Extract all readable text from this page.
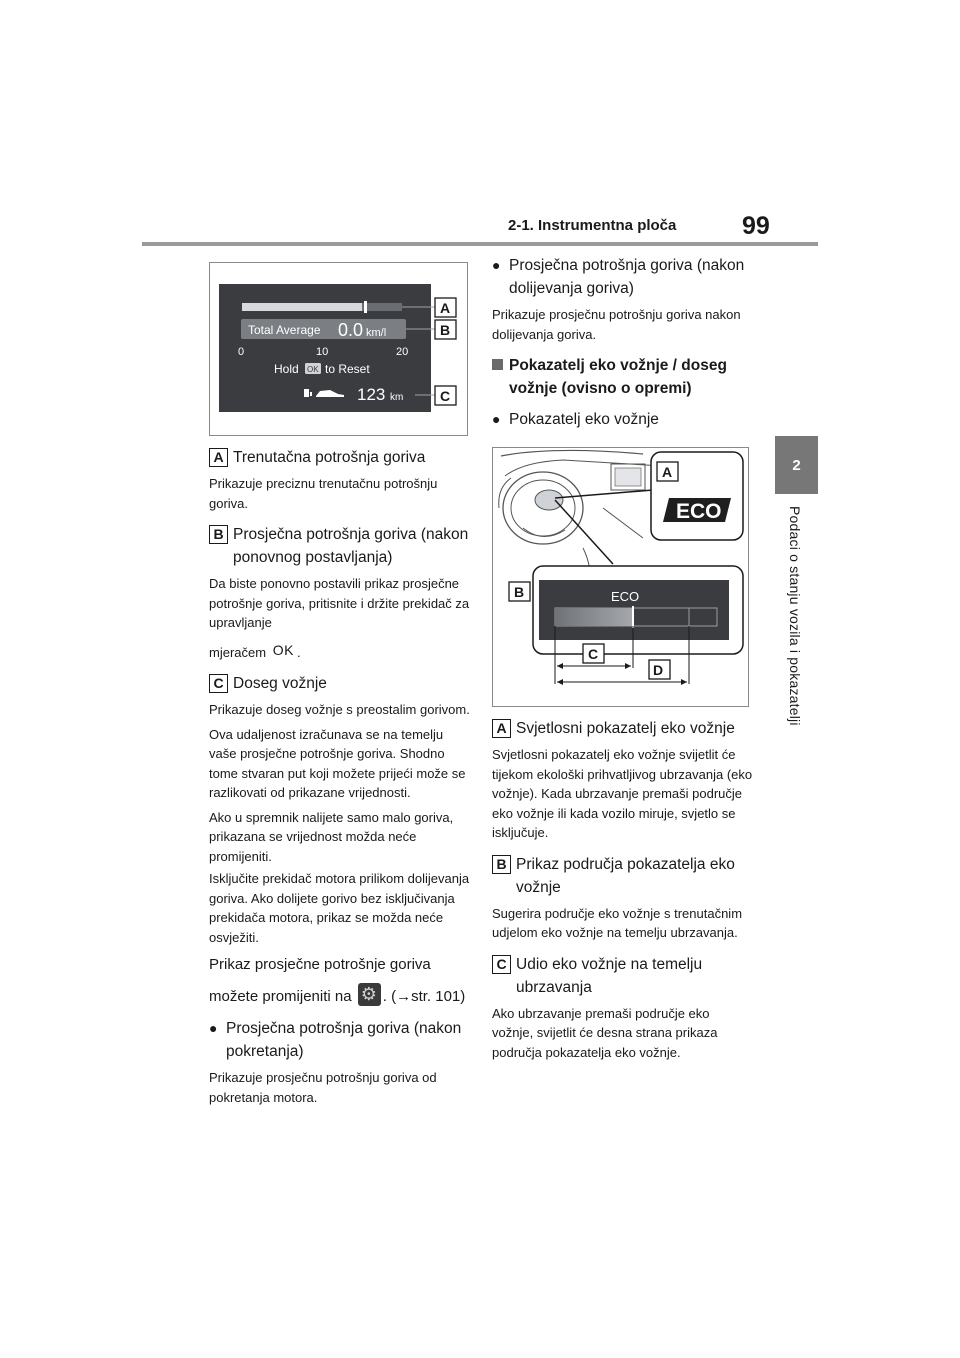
2-1. Instrumentna ploča	99
2
Podaci o stanju vozila i pokazatelji
Total Average 0.0 km/l
0	10	20
Hold OK to Reset
123 km
A
B
C
A Trenutačna potrošnja goriva
Prikazuje preciznu trenutačnu potrošnju goriva.
B Prosječna potrošnja goriva (nakon ponovnog postavljanja)
Da biste ponovno postavili prikaz prosječne potrošnje goriva, pritisnite i držite prekidač za upravljanje
mjeračem OK .
C Doseg vožnje
Prikazuje doseg vožnje s preostalim gorivom.
Ova udaljenost izračunava se na temelju vaše prosječne potrošnje goriva. Shodno tome stvaran put koji možete prijeći može se razlikovati od prikazane vrijednosti.
Ako u spremnik nalijete samo malo goriva, prikazana se vrijednost možda neće promijeniti.
Isključite prekidač motora prilikom dolijevanja goriva. Ako dolijete gorivo bez isključivanja prekidača motora, prikaz se možda neće osvježiti.
Prikaz prosječne potrošnje goriva
možete promijeniti na ⚙ . (→str. 101)
● Prosječna potrošnja goriva (nakon pokretanja)
Prikazuje prosječnu potrošnju goriva od pokretanja motora.
● Prosječna potrošnja goriva (nakon dolijevanja goriva)
Prikazuje prosječnu potrošnju goriva nakon dolijevanja goriva.
Pokazatelj eko vožnje / doseg vožnje (ovisno o opremi)
● Pokazatelj eko vožnje
ECO
A
ECO
B
C
D
A Svjetlosni pokazatelj eko vožnje
Svjetlosni pokazatelj eko vožnje svijetlit će tijekom ekološki prihvatljivog ubrzavanja (eko vožnje). Kada ubrzavanje premaši područje eko vožnje ili kada vozilo miruje, svjetlo se isključuje.
B Prikaz područja pokazatelja eko vožnje
Sugerira područje eko vožnje s trenutačnim udjelom eko vožnje na temelju ubrzavanja.
C Udio eko vožnje na temelju ubrzavanja
Ako ubrzavanje premaši područje eko vožnje, svijetlit će desna strana prikaza područja pokazatelja eko vožnje.
